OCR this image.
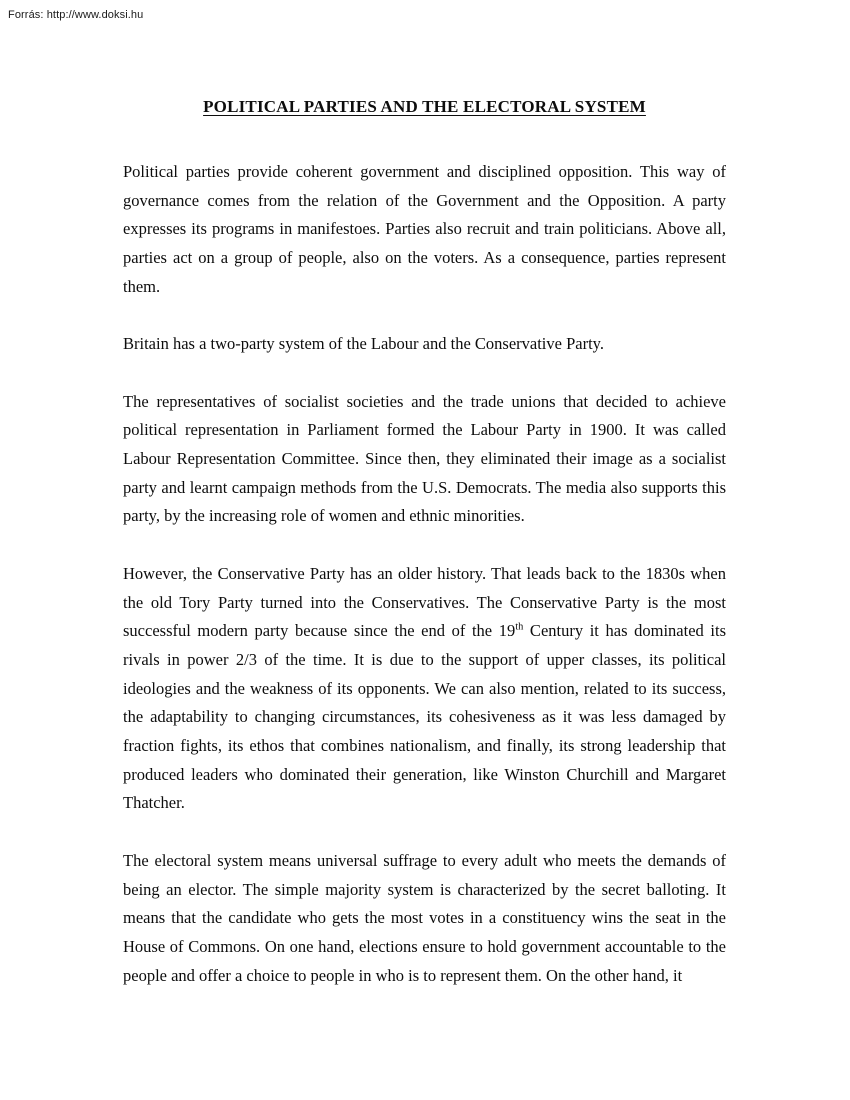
Forrás: http://www.doksi.hu
POLITICAL PARTIES AND THE ELECTORAL SYSTEM

Political parties provide coherent government and disciplined opposition. This way of governance comes from the relation of the Government and the Opposition. A party expresses its programs in manifestoes. Parties also recruit and train politicians. Above all, parties act on a group of people, also on the voters. As a consequence, parties represent them.

Britain has a two-party system of the Labour and the Conservative Party.

The representatives of socialist societies and the trade unions that decided to achieve political representation in Parliament formed the Labour Party in 1900. It was called Labour Representation Committee. Since then, they eliminated their image as a socialist party and learnt campaign methods from the U.S. Democrats. The media also supports this party, by the increasing role of women and ethnic minorities.

However, the Conservative Party has an older history. That leads back to the 1830s when the old Tory Party turned into the Conservatives. The Conservative Party is the most successful modern party because since the end of the 19th Century it has dominated its rivals in power 2/3 of the time. It is due to the support of upper classes, its political ideologies and the weakness of its opponents. We can also mention, related to its success, the adaptability to changing circumstances, its cohesiveness as it was less damaged by fraction fights, its ethos that combines nationalism, and finally, its strong leadership that produced leaders who dominated their generation, like Winston Churchill and Margaret Thatcher.

The electoral system means universal suffrage to every adult who meets the demands of being an elector. The simple majority system is characterized by the secret balloting. It means that the candidate who gets the most votes in a constituency wins the seat in the House of Commons. On one hand, elections ensure to hold government accountable to the people and offer a choice to people in who is to represent them. On the other hand, it
